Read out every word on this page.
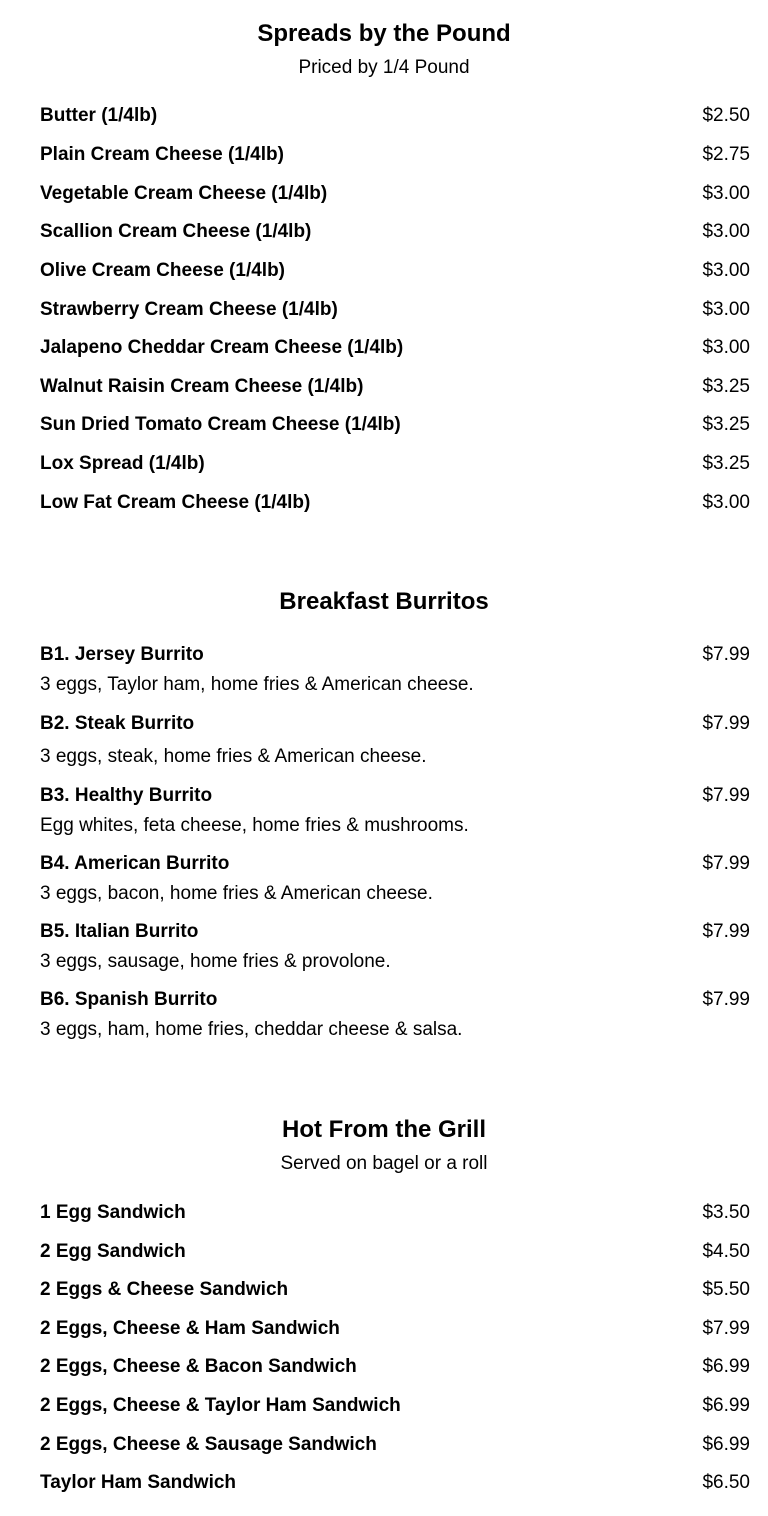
Spreads by the Pound
Priced by 1/4 Pound
Butter (1/4lb)	$2.50
Plain Cream Cheese (1/4lb)	$2.75
Vegetable Cream Cheese (1/4lb)	$3.00
Scallion Cream Cheese (1/4lb)	$3.00
Olive Cream Cheese (1/4lb)	$3.00
Strawberry Cream Cheese (1/4lb)	$3.00
Jalapeno Cheddar Cream Cheese (1/4lb)	$3.00
Walnut Raisin Cream Cheese (1/4lb)	$3.25
Sun Dried Tomato Cream Cheese (1/4lb)	$3.25
Lox Spread (1/4lb)	$3.25
Low Fat Cream Cheese (1/4lb)	$3.00
Breakfast Burritos
B1. Jersey Burrito	$7.99
3 eggs, Taylor ham, home fries & American cheese.
B2. Steak Burrito	$7.99
3 eggs, steak, home fries & American cheese.
B3. Healthy Burrito	$7.99
Egg whites, feta cheese, home fries & mushrooms.
B4. American Burrito	$7.99
3 eggs, bacon, home fries & American cheese.
B5. Italian Burrito	$7.99
3 eggs, sausage, home fries & provolone.
B6. Spanish Burrito	$7.99
3 eggs, ham, home fries, cheddar cheese & salsa.
Hot From the Grill
Served on bagel or a roll
1 Egg Sandwich	$3.50
2 Egg Sandwich	$4.50
2 Eggs & Cheese Sandwich	$5.50
2 Eggs, Cheese & Ham Sandwich	$7.99
2 Eggs, Cheese & Bacon Sandwich	$6.99
2 Eggs, Cheese & Taylor Ham Sandwich	$6.99
2 Eggs, Cheese & Sausage Sandwich	$6.99
Taylor Ham Sandwich	$6.50
